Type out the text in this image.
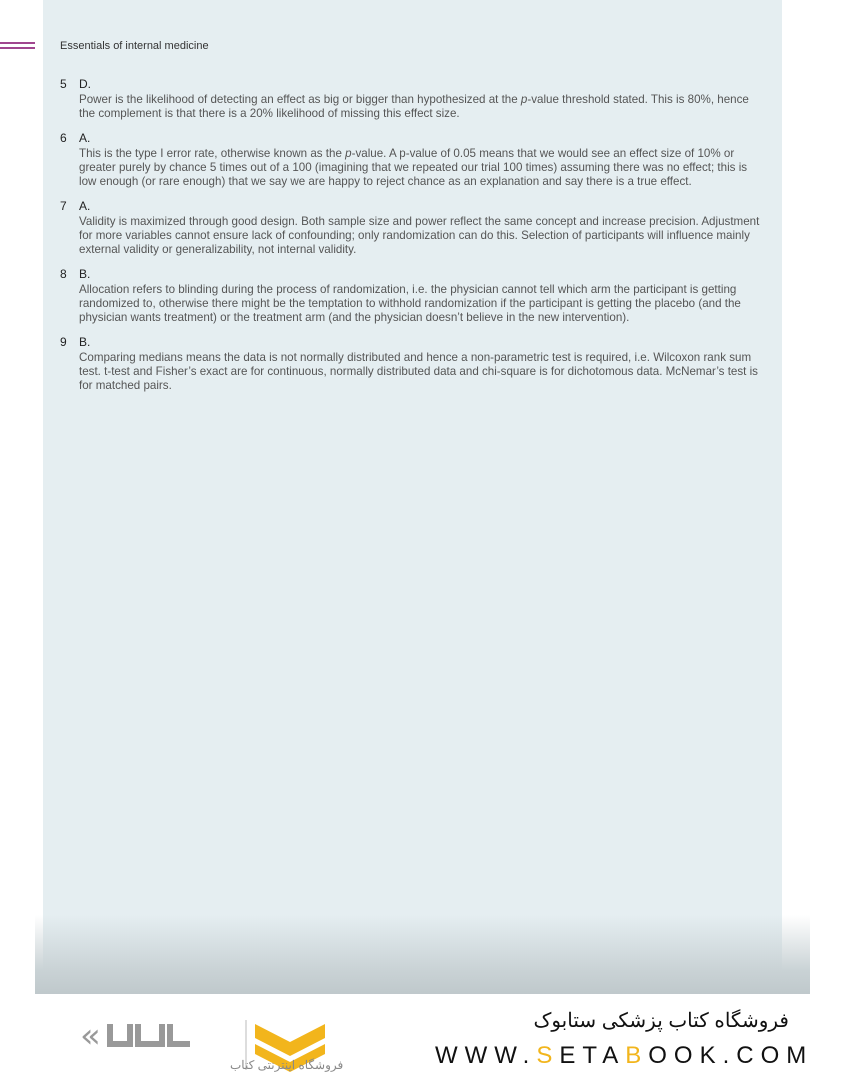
Essentials of internal medicine
5 D.
Power is the likelihood of detecting an effect as big or bigger than hypothesized at the p-value threshold stated. This is 80%, hence the complement is that there is a 20% likelihood of missing this effect size.
6 A.
This is the type I error rate, otherwise known as the p-value. A p-value of 0.05 means that we would see an effect size of 10% or greater purely by chance 5 times out of a 100 (imagining that we repeated our trial 100 times) assuming there was no effect; this is low enough (or rare enough) that we say we are happy to reject chance as an explanation and say there is a true effect.
7 A.
Validity is maximized through good design. Both sample size and power reflect the same concept and increase precision. Adjustment for more variables cannot ensure lack of confounding; only randomization can do this. Selection of participants will influence mainly external validity or generalizability, not internal validity.
8 B.
Allocation refers to blinding during the process of randomization, i.e. the physician cannot tell which arm the participant is getting randomized to, otherwise there might be the temptation to withhold randomization if the participant is getting the placebo (and the physician wants treatment) or the treatment arm (and the physician doesn’t believe in the new intervention).
9 B.
Comparing medians means the data is not normally distributed and hence a non-parametric test is required, i.e. Wilcoxon rank sum test. t-test and Fisher’s exact are for continuous, normally distributed data and chi-square is for dichotomous data. McNemar’s test is for matched pairs.
«
فروشگاه اینترنتی کتاب
فروشگاه کتاب پزشکی ستابوک
WWW.SETABOOK.COM
